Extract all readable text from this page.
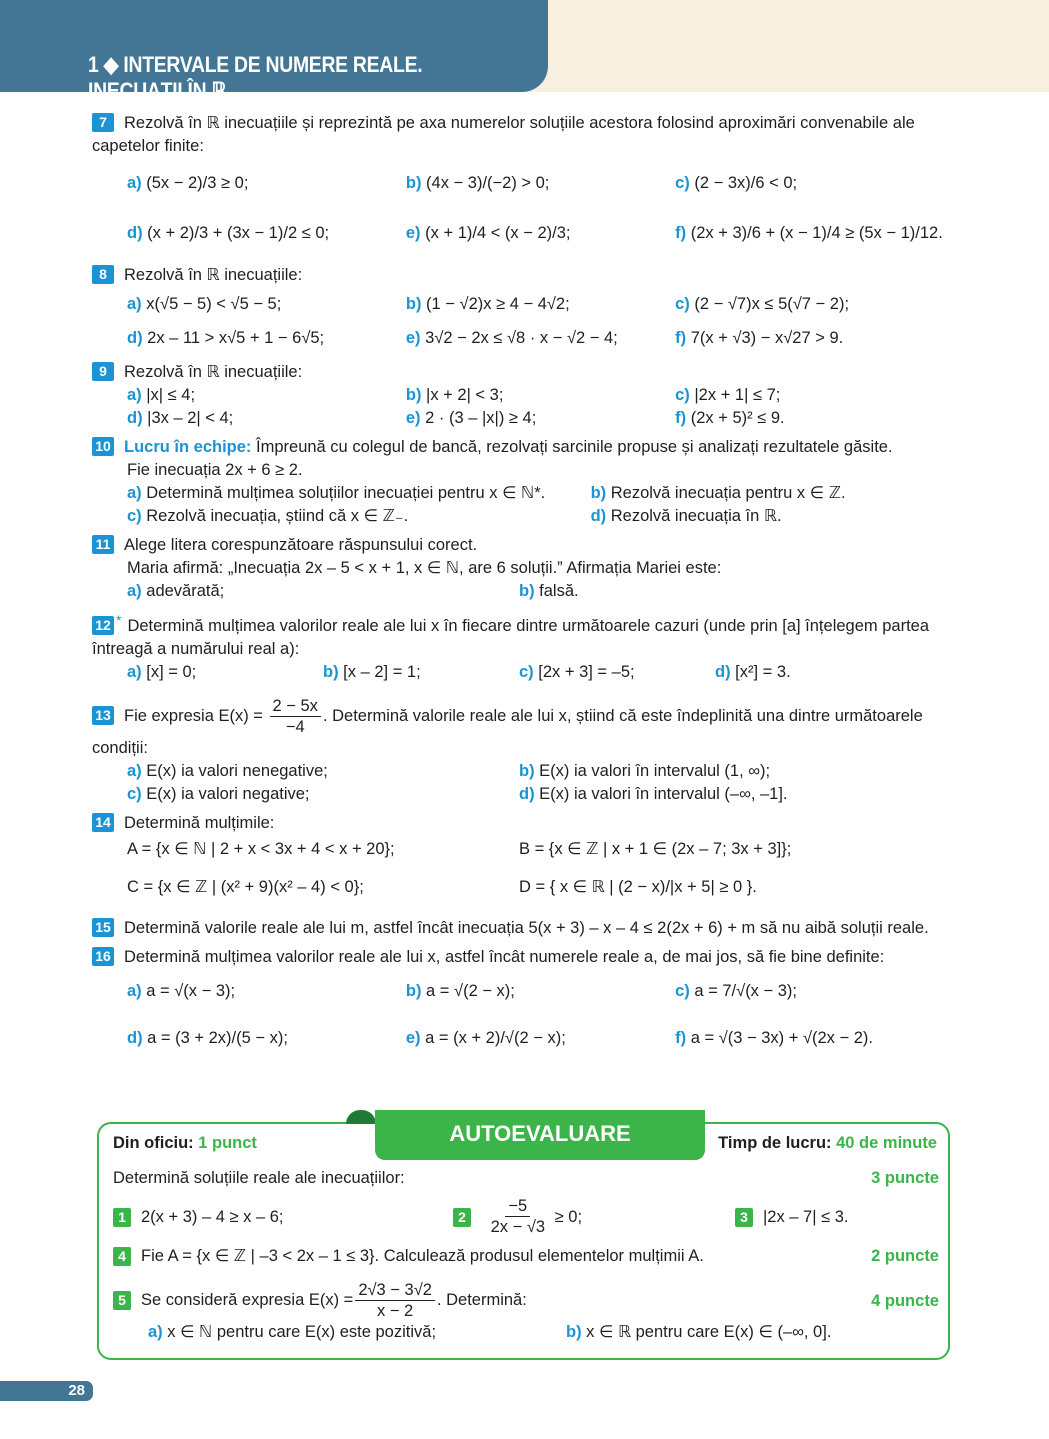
1 ◆ INTERVALE DE NUMERE REALE. INECUAȚII ÎN ℝ
7 Rezolvă în ℝ inecuațiile și reprezintă pe axa numerelor soluțiile acestora folosind aproximări convenabile ale capetelor finite:
a) (5x − 2)/3 ≥ 0;	b) (4x − 3)/(−2) > 0;	c) (2 − 3x)/6 < 0;
d) (x + 2)/3 + (3x − 1)/2 ≤ 0;	e) (x + 1)/4 < (x − 2)/3;	f) (2x + 3)/6 + (x − 1)/4 ≥ (5x − 1)/12.
8 Rezolvă în ℝ inecuațiile:
a) x(√5 − 5) < √5 − 5;	b) (1 − √2)x ≥ 4 − 4√2;	c) (2 − √7)x ≤ 5(√7 − 2);
d) 2x – 11 > x√5 + 1 − 6√5;	e) 3√2 − 2x ≤ √8 · x − √2 − 4;	f) 7(x + √3) − x√27 > 9.
9 Rezolvă în ℝ inecuațiile:
a) |x| ≤ 4;	b) |x + 2| < 3;	c) |2x + 1| ≤ 7;
d) |3x – 2| < 4;	e) 2 · (3 – |x|) ≥ 4;	f) (2x + 5)² ≤ 9.
10 Lucru în echipe: Împreună cu colegul de bancă, rezolvați sarcinile propuse și analizați rezultatele găsite.
Fie inecuația 2x + 6 ≥ 2.
a) Determină mulțimea soluțiilor inecuației pentru x ∈ ℕ*.	b) Rezolvă inecuația pentru x ∈ ℤ.
c) Rezolvă inecuația, știind că x ∈ ℤ₋.	d) Rezolvă inecuația în ℝ.
11 Alege litera corespunzătoare răspunsului corect.
Maria afirmă: „Inecuația 2x – 5 < x + 1, x ∈ ℕ, are 6 soluții.” Afirmația Mariei este:
a) adevărată;	b) falsă.
12 * Determină mulțimea valorilor reale ale lui x în fiecare dintre următoarele cazuri (unde prin [a] înțelegem partea întreagă a numărului real a):
a) [x] = 0;	b) [x – 2] = 1;	c) [2x + 3] = –5;	d) [x²] = 3.
13 Fie expresia $E(x) = \frac{2 - 5x}{-4}$ . Determină valorile reale ale lui x, știind că este îndeplinită una dintre următoarele condiții:
a) E(x) ia valori nenegative;	b) E(x) ia valori în intervalul (1, ∞);
c) E(x) ia valori negative;	d) E(x) ia valori în intervalul (–∞, –1].
14 Determină mulțimile:
A = {x ∈ ℕ | 2 + x < 3x + 4 < x + 20};	B = {x ∈ ℤ | x + 1 ∈ (2x – 7; 3x + 3]};
C = {x ∈ ℤ | (x² + 9)(x² – 4) < 0};	D = { x ∈ ℝ | (2 − x)/|x + 5| ≥ 0 }.
15 Determină valorile reale ale lui m, astfel încât inecuația 5(x + 3) – x – 4 ≤ 2(2x + 6) + m să nu aibă soluții reale.
16 Determină mulțimea valorilor reale ale lui x, astfel încât numerele reale a, de mai jos, să fie bine definite:
a) a = √(x − 3);	b) a = √(2 − x);	c) a = 7/√(x − 3);
d) a = (3 + 2x)/(5 − x);	e) a = (x + 2)/√(2 − x);	f) a = √(3 − 3x) + √(2x − 2).
AUTOEVALUARE
Din oficiu: 1 punct	Timp de lucru: 40 de minute
Determină soluțiile reale ale inecuațiilor:	3 puncte
1 2(x + 3) – 4 ≥ x – 6;	$2 \frac{-5}{2x - √3} \ge 0$;	3 |2x – 7| ≤ 3.
4 Fie A = {x ∈ ℤ | –3 < 2x – 1 ≤ 3}. Calculează produsul elementelor mulțimii A.	2 puncte
5 Se consideră expresia $E(x) = \frac{2√3 - 3√2}{x - 2}$ . Determină:	4 puncte
a) x ∈ ℕ pentru care E(x) este pozitivă;	b) x ∈ ℝ pentru care E(x) ∈ (–∞, 0].
28
